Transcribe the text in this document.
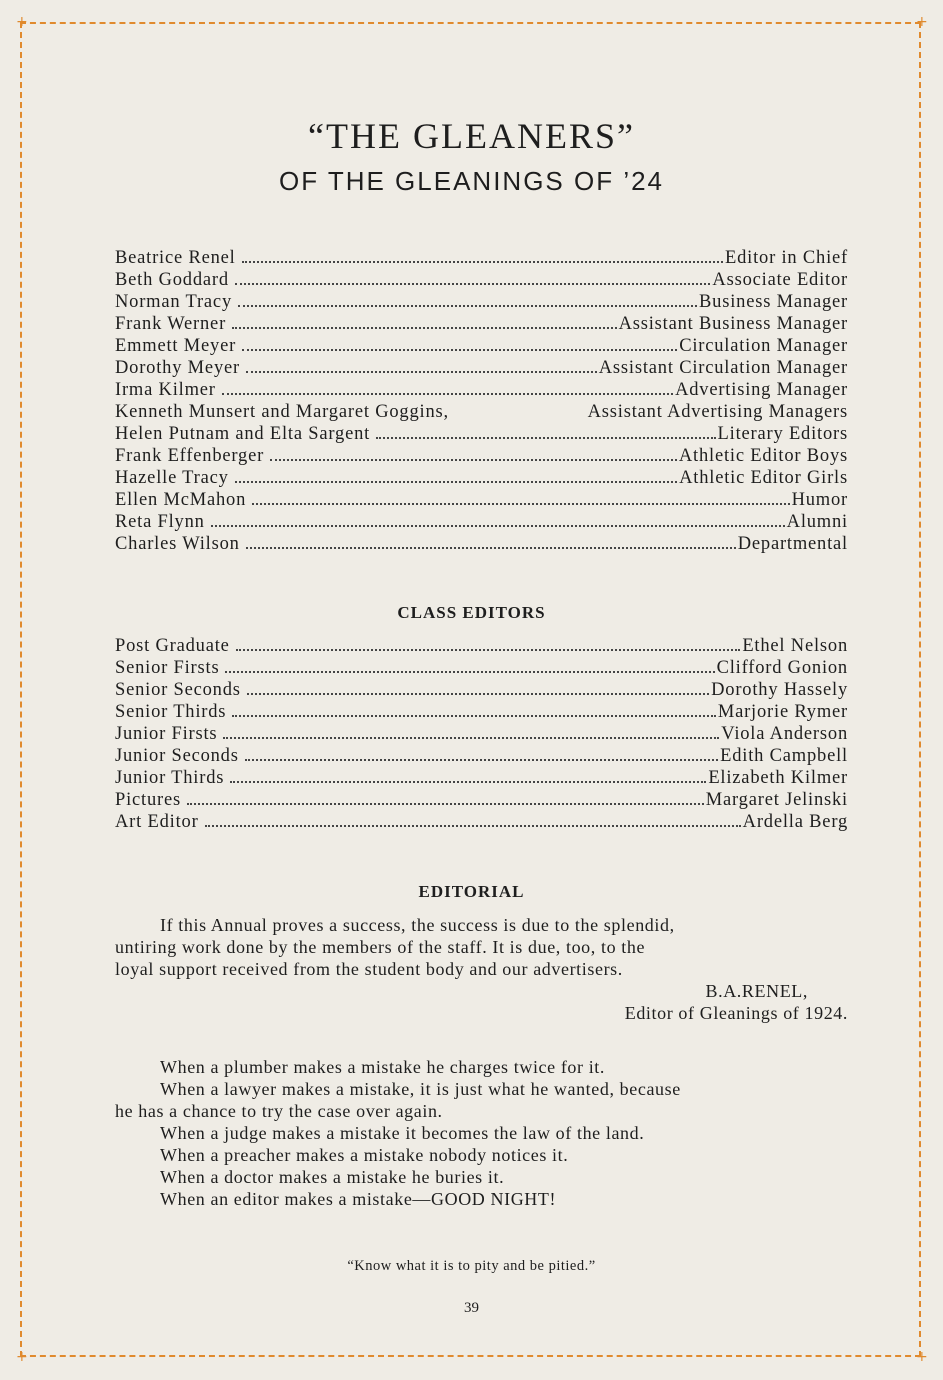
+	+
+	+
“THE GLEANERS”
OF THE GLEANINGS OF ’24
Beatrice Renel	Editor in Chief
Beth Goddard	Associate Editor
Norman Tracy	Business Manager
Frank Werner	Assistant Business Manager
Emmett Meyer	Circulation Manager
Dorothy Meyer	Assistant Circulation Manager
Irma Kilmer	Advertising Manager
Kenneth Munsert and Margaret Goggins,	Assistant Advertising Managers
Helen Putnam and Elta Sargent	Literary Editors
Frank Effenberger	Athletic Editor Boys
Hazelle Tracy	Athletic Editor Girls
Ellen McMahon	Humor
Reta Flynn	Alumni
Charles Wilson	Departmental
CLASS EDITORS
Post Graduate	Ethel Nelson
Senior Firsts	Clifford Gonion
Senior Seconds	Dorothy Hassely
Senior Thirds	Marjorie Rymer
Junior Firsts	Viola Anderson
Junior Seconds	Edith Campbell
Junior Thirds	Elizabeth Kilmer
Pictures	Margaret Jelinski
Art Editor	Ardella Berg
EDITORIAL
If this Annual proves a success, the success is due to the splendid,
untiring work done by the members of the staff. It is due, too, to the
loyal support received from the student body and our advertisers.
B.A.RENEL,
Editor of Gleanings of 1924.
When a plumber makes a mistake he charges twice for it.
When a lawyer makes a mistake, it is just what he wanted, because
he has a chance to try the case over again.
When a judge makes a mistake it becomes the law of the land.
When a preacher makes a mistake nobody notices it.
When a doctor makes a mistake he buries it.
When an editor makes a mistake—GOOD NIGHT!
“Know what it is to pity and be pitied.”
39
